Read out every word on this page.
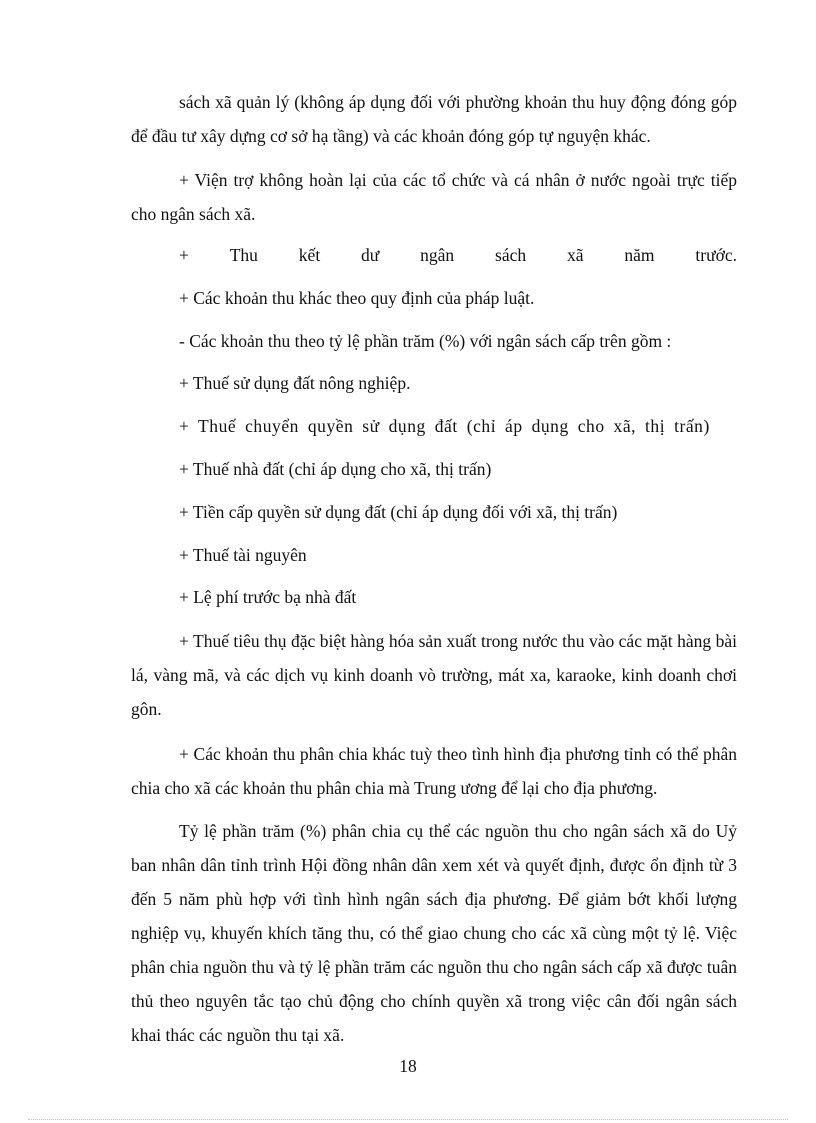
sách xã quản lý (không áp dụng đối với phường khoản thu huy động đóng góp để đầu tư xây dựng cơ sở hạ tầng) và các khoản đóng góp tự nguyện khác.

+ Viện trợ không hoàn lại của các tổ chức và cá nhân ở nước ngoài trực tiếp cho ngân sách xã.

+ Thu kết dư ngân sách xã năm trước.

+ Các khoản thu khác theo quy định của pháp luật.

- Các khoản thu theo tỷ lệ phần trăm (%) với ngân sách cấp trên gồm :

+ Thuế sử dụng đất nông nghiệp.

+ Thuế chuyển quyền sử dụng đất (chỉ áp dụng cho xã, thị trấn)

+ Thuế nhà đất (chỉ áp dụng cho xã, thị trấn)

+ Tiền cấp quyền sử dụng đất (chỉ áp dụng đối với xã, thị trấn)

+ Thuế tài nguyên

+ Lệ phí trước bạ nhà đất

+ Thuế tiêu thụ đặc biệt hàng hóa sản xuất trong nước thu vào các mặt hàng bài lá, vàng mã, và các dịch vụ kinh doanh vò trường, mát xa, karaoke, kinh doanh chơi gôn.

+ Các khoản thu phân chia khác tuỳ theo tình hình địa phương tỉnh có thể phân chia cho xã các khoản thu phân chia mà Trung ương để lại cho địa phương.

Tỷ lệ phần trăm (%) phân chia cụ thể các nguồn thu cho ngân sách xã do Uỷ ban nhân dân tỉnh trình Hội đồng nhân dân xem xét và quyết định, được ổn định từ 3 đến 5 năm phù hợp với tình hình ngân sách địa phương. Để giảm bớt khối lượng nghiệp vụ, khuyến khích tăng thu, có thể giao chung cho các xã cùng một tỷ lệ. Việc phân chia nguồn thu và tỷ lệ phần trăm các nguồn thu cho ngân sách cấp xã được tuân thủ theo nguyên tắc tạo chủ động cho chính quyền xã trong việc cân đối ngân sách khai thác các nguồn thu tại xã.

18
